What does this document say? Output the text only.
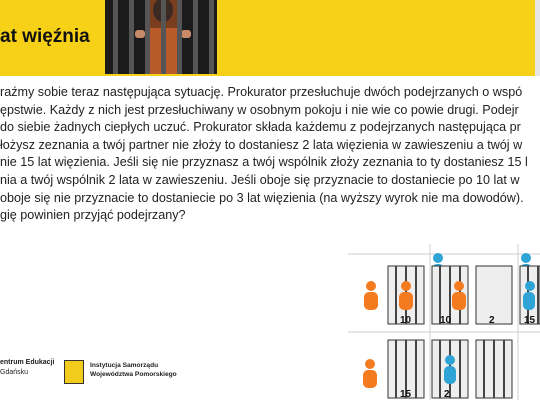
at więźnia
raźmy sobie teraz następująca sytuację. Prokurator przesłuchuje dwóch podejrzanych o wspó
ępstwie. Każdy z nich jest przesłuchiwany w osobnym pokoju i nie wie co powie drugi. Podejr
do siebie żadnych ciepłych uczuć. Prokurator składa każdemu z podejrzanych następująca pr
łożysz zeznania a twój partner nie złoży to dostaniesz 2 lata więzienia w zawieszeniu a twój w
nie 15 lat więzienia. Jeśli się nie przyznasz a twój wspólnik złoży zeznania to ty dostaniesz 15 l
nia a twój wspólnik 2 lata w zawieszeniu. Jeśli oboje się przyznacie to dostaniecie po 10 lat w
oboje się nie przyznacie to dostaniecie po 3 lat więzienia (na wyższy wyrok nie ma dowodów).
gię powinien przyjąć podejrzany?
10	10	2	15
15	2
entrum Edukacji
Gdańsku
Instytucja Samorządu
Województwa Pomorskiego
